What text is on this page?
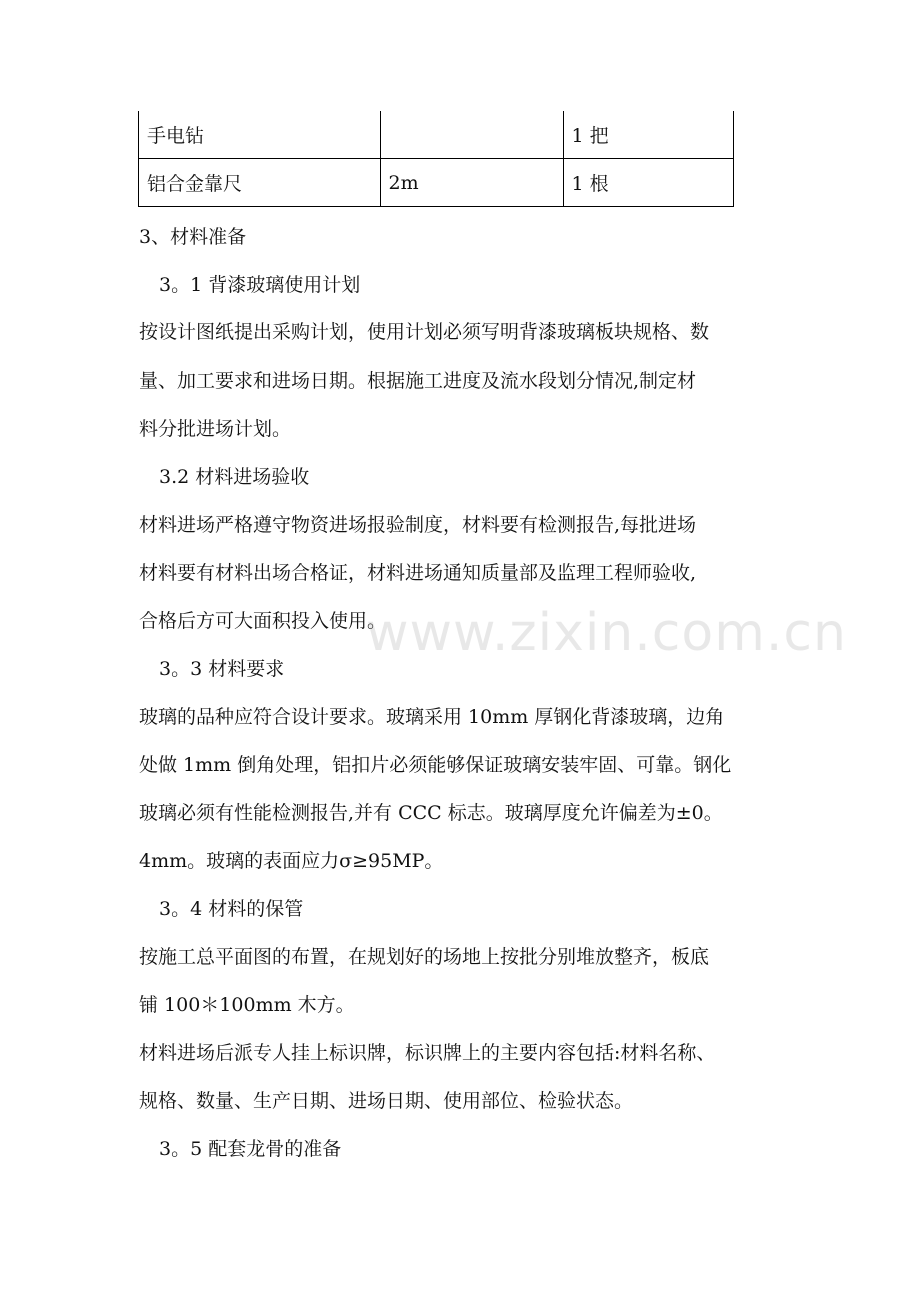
手电钻		1 把
铝合金靠尺	2m	1 根
3、材料准备
3。1 背漆玻璃使用计划
按设计图纸提出采购计划，使用计划必须写明背漆玻璃板块规格、数
量、加工要求和进场日期。根据施工进度及流水段划分情况,制定材
料分批进场计划。
3.2 材料进场验收
材料进场严格遵守物资进场报验制度，材料要有检测报告,每批进场
材料要有材料出场合格证，材料进场通知质量部及监理工程师验收,
合格后方可大面积投入使用。
3。3 材料要求
玻璃的品种应符合设计要求。玻璃采用 10mm 厚钢化背漆玻璃，边角
处做 1mm 倒角处理，铝扣片必须能够保证玻璃安装牢固、可靠。钢化
玻璃必须有性能检测报告,并有 CCC 标志。玻璃厚度允许偏差为±0。
4mm。玻璃的表面应力σ≥95MP。
3。4 材料的保管
按施工总平面图的布置，在规划好的场地上按批分别堆放整齐，板底
铺 100＊100mm 木方。
材料进场后派专人挂上标识牌，标识牌上的主要内容包括:材料名称、
规格、数量、生产日期、进场日期、使用部位、检验状态。
3。5 配套龙骨的准备
www.zixin.com.cn
